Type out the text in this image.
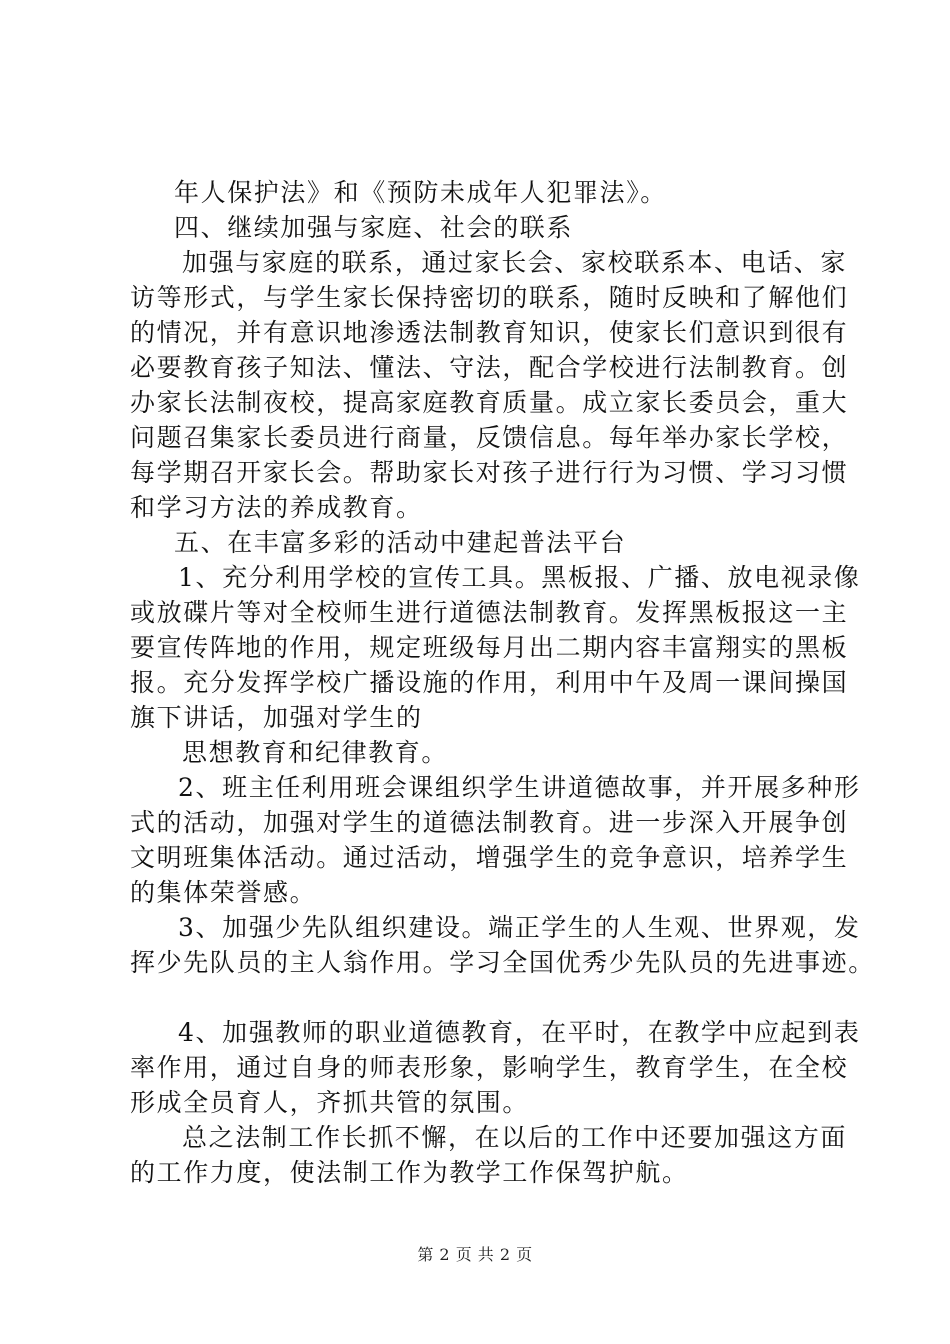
年人保护法》和《预防未成年人犯罪法》。
四、继续加强与家庭、社会的联系
加强与家庭的联系，通过家长会、家校联系本、电话、家
访等形式，与学生家长保持密切的联系，随时反映和了解他们
的情况，并有意识地渗透法制教育知识，使家长们意识到很有
必要教育孩子知法、懂法、守法，配合学校进行法制教育。创
办家长法制夜校，提高家庭教育质量。成立家长委员会，重大
问题召集家长委员进行商量，反馈信息。每年举办家长学校，
每学期召开家长会。帮助家长对孩子进行行为习惯、学习习惯
和学习方法的养成教育。
五、在丰富多彩的活动中建起普法平台
1、充分利用学校的宣传工具。黑板报、广播、放电视录像
或放碟片等对全校师生进行道德法制教育。发挥黑板报这一主
要宣传阵地的作用，规定班级每月出二期内容丰富翔实的黑板
报。充分发挥学校广播设施的作用，利用中午及周一课间操国
旗下讲话，加强对学生的
思想教育和纪律教育。
2、班主任利用班会课组织学生讲道德故事，并开展多种形
式的活动，加强对学生的道德法制教育。进一步深入开展争创
文明班集体活动。通过活动，增强学生的竞争意识，培养学生
的集体荣誉感。
3、加强少先队组织建设。端正学生的人生观、世界观，发
挥少先队员的主人翁作用。学习全国优秀少先队员的先进事迹。
4、加强教师的职业道德教育，在平时，在教学中应起到表
率作用，通过自身的师表形象，影响学生，教育学生，在全校
形成全员育人，齐抓共管的氛围。
总之法制工作长抓不懈，在以后的工作中还要加强这方面
的工作力度，使法制工作为教学工作保驾护航。
第 2 页 共 2 页
